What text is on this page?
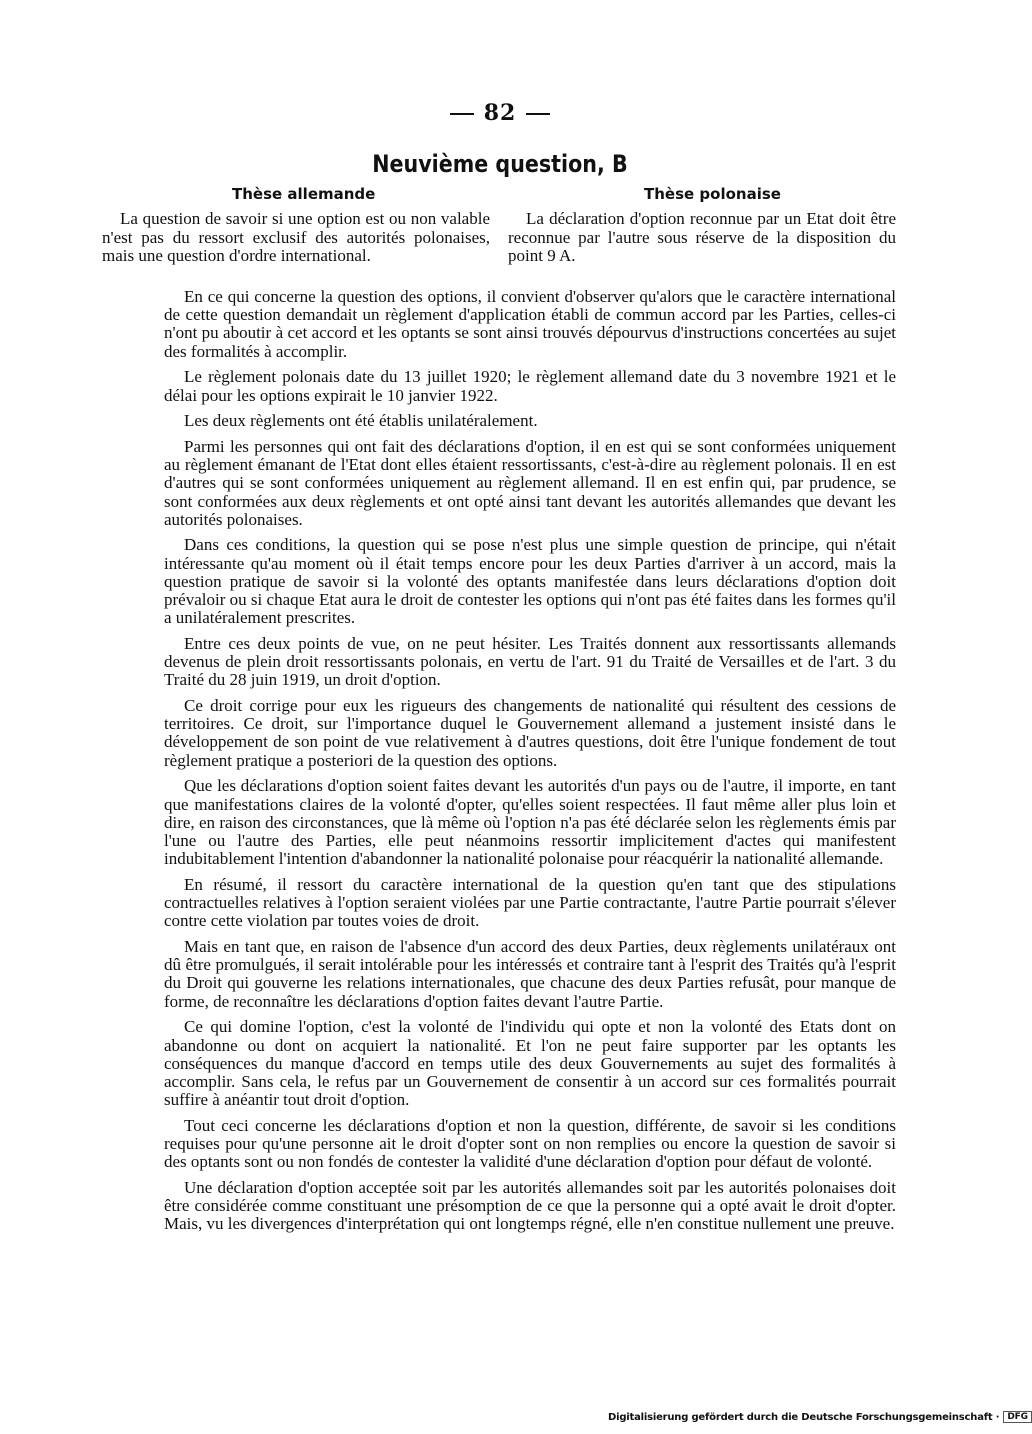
82
Neuvième question, B
Thèse allemande	Thèse polonaise
La question de savoir si une option est ou non valable n'est pas du ressort exclusif des autorités polonaises, mais une question d'ordre international.
La déclaration d'option reconnue par un Etat doit être reconnue par l'autre sous réserve de la disposition du point 9 A.

En ce qui concerne la question des options, il convient d'observer qu'alors que le caractère international de cette question demandait un règlement d'application établi de commun accord par les Parties, celles-ci n'ont pu aboutir à cet accord et les optants se sont ainsi trouvés dépourvus d'instructions concertées au sujet des formalités à accomplir.

Le règlement polonais date du 13 juillet 1920; le règlement allemand date du 3 novembre 1921 et le délai pour les options expirait le 10 janvier 1922.

Les deux règlements ont été établis unilatéralement.

Parmi les personnes qui ont fait des déclarations d'option, il en est qui se sont conformées uniquement au règlement émanant de l'Etat dont elles étaient ressortissants, c'est-à-dire au règlement polonais. Il en est d'autres qui se sont conformées uniquement au règlement allemand. Il en est enfin qui, par prudence, se sont conformées aux deux règlements et ont opté ainsi tant devant les autorités allemandes que devant les autorités polonaises.

Dans ces conditions, la question qui se pose n'est plus une simple question de principe, qui n'était intéressante qu'au moment où il était temps encore pour les deux Parties d'arriver à un accord, mais la question pratique de savoir si la volonté des optants manifestée dans leurs déclarations d'option doit prévaloir ou si chaque Etat aura le droit de contester les options qui n'ont pas été faites dans les formes qu'il a unilatéralement prescrites.

Entre ces deux points de vue, on ne peut hésiter. Les Traités donnent aux ressortissants allemands devenus de plein droit ressortissants polonais, en vertu de l'art. 91 du Traité de Versailles et de l'art. 3 du Traité du 28 juin 1919, un droit d'option.

Ce droit corrige pour eux les rigueurs des changements de nationalité qui résultent des cessions de territoires. Ce droit, sur l'importance duquel le Gouvernement allemand a justement insisté dans le développement de son point de vue relativement à d'autres questions, doit être l'unique fondement de tout règlement pratique a posteriori de la question des options.

Que les déclarations d'option soient faites devant les autorités d'un pays ou de l'autre, il importe, en tant que manifestations claires de la volonté d'opter, qu'elles soient respectées. Il faut même aller plus loin et dire, en raison des circonstances, que là même où l'option n'a pas été déclarée selon les règlements émis par l'une ou l'autre des Parties, elle peut néanmoins ressortir implicitement d'actes qui manifestent indubitablement l'intention d'abandonner la nationalité polonaise pour réacquérir la nationalité allemande.

En résumé, il ressort du caractère international de la question qu'en tant que des stipulations contractuelles relatives à l'option seraient violées par une Partie contractante, l'autre Partie pourrait s'élever contre cette violation par toutes voies de droit.

Mais en tant que, en raison de l'absence d'un accord des deux Parties, deux règlements unilatéraux ont dû être promulgués, il serait intolérable pour les intéressés et contraire tant à l'esprit des Traités qu'à l'esprit du Droit qui gouverne les relations internationales, que chacune des deux Parties refusât, pour manque de forme, de reconnaître les déclarations d'option faites devant l'autre Partie.

Ce qui domine l'option, c'est la volonté de l'individu qui opte et non la volonté des Etats dont on abandonne ou dont on acquiert la nationalité. Et l'on ne peut faire supporter par les optants les conséquences du manque d'accord en temps utile des deux Gouvernements au sujet des formalités à accomplir. Sans cela, le refus par un Gouvernement de consentir à un accord sur ces formalités pourrait suffire à anéantir tout droit d'option.

Tout ceci concerne les déclarations d'option et non la question, différente, de savoir si les conditions requises pour qu'une personne ait le droit d'opter sont on non remplies ou encore la question de savoir si des optants sont ou non fondés de contester la validité d'une déclaration d'option pour défaut de volonté.

Une déclaration d'option acceptée soit par les autorités allemandes soit par les autorités polonaises doit être considérée comme constituant une présomption de ce que la personne qui a opté avait le droit d'opter. Mais, vu les divergences d'interprétation qui ont longtemps régné, elle n'en constitue nullement une preuve.

Digitalisierung gefördert durch die Deutsche Forschungsgemeinschaft · DFG
